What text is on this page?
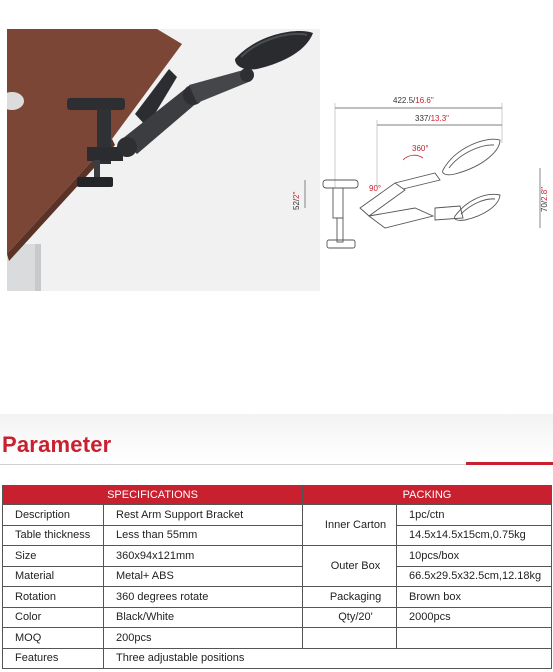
422.5/16.6"
337/13.3"
360°
90°
52/2"
70/2.8"
Parameter
SPECIFICATIONS		PACKING	
Description	Rest Arm Support Bracket	Inner Carton	1pc/ctn
Table thickness	Less than 55mm		14.5x14.5x15cm,0.75kg
Size	360x94x121mm	Outer Box	10pcs/box
Material	Metal+ ABS		66.5x29.5x32.5cm,12.18kg
Rotation	360 degrees rotate	Packaging	Brown box
Color	Black/White	Qty/20'	2000pcs
MOQ	200pcs		
Features	Three adjustable positions		
